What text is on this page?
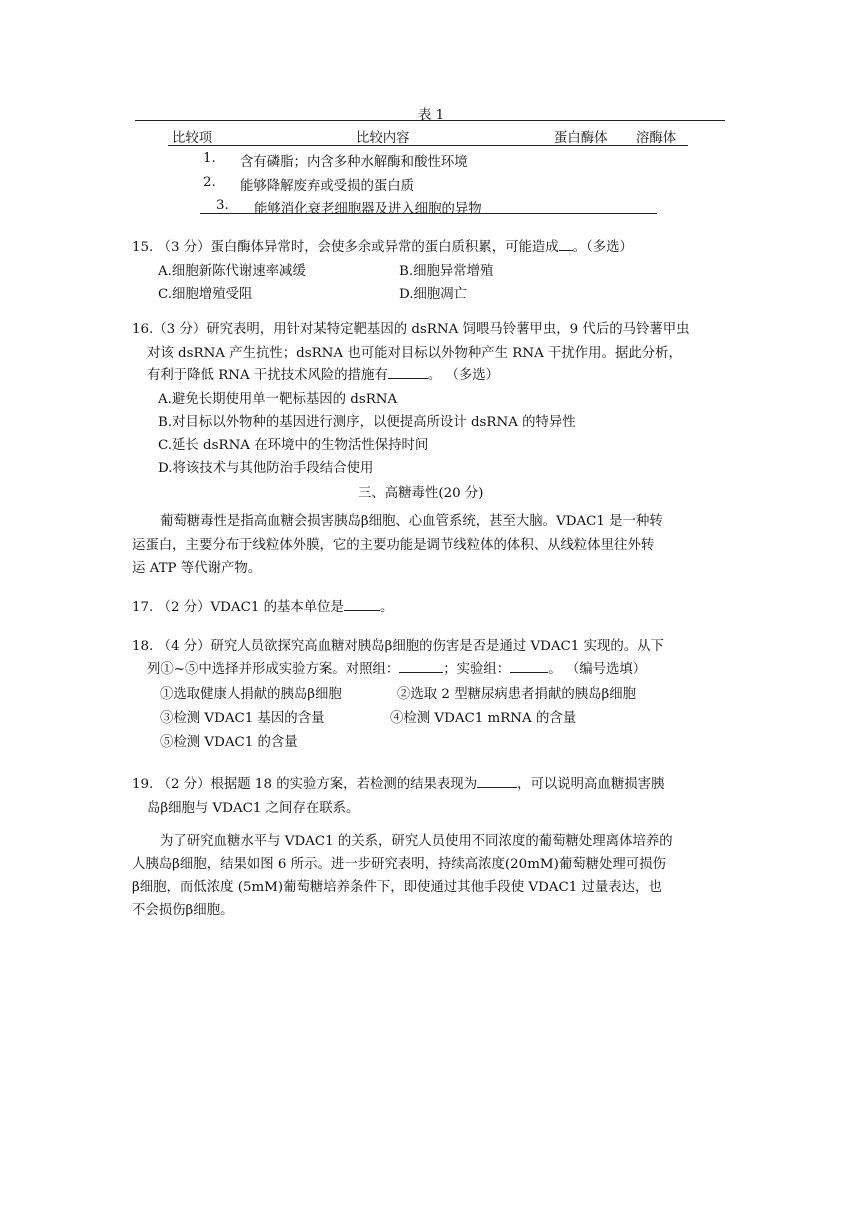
表 1
比较项	比较内容	蛋白酶体 溶酶体
1. 含有磷脂；内含多种水解酶和酸性环境
2. 能够降解废弃或受损的蛋白质
3. 能够消化衰老细胞器及进入细胞的异物
15. （3 分）蛋白酶体异常时，会使多余或异常的蛋白质积累，可能造成 。（多选）
A.细胞新陈代谢速率减缓	B.细胞异常增殖
C.细胞增殖受阻	D.细胞凋亡
16.（3 分）研究表明，用针对某特定靶基因的 dsRNA 饲喂马铃薯甲虫，9 代后的马铃薯甲虫
对该 dsRNA 产生抗性；dsRNA 也可能对目标以外物种产生 RNA 干扰作用。据此分析，
有利于降低 RNA 干扰技术风险的措施有	。 （多选）
A.避免长期使用单一靶标基因的 dsRNA
B.对目标以外物种的基因进行测序，以便提高所设计 dsRNA 的特异性
C.延长 dsRNA 在环境中的生物活性保持时间
D.将该技术与其他防治手段结合使用
三、高糖毒性(20 分)
葡萄糖毒性是指高血糖会损害胰岛β细胞、心血管系统，甚至大脑。VDAC1 是一种转
运蛋白，主要分布于线粒体外膜，它的主要功能是调节线粒体的体积、从线粒体里往外转
运 ATP 等代谢产物。
17. （2 分）VDAC1 的基本单位是	。
18. （4 分）研究人员欲探究高血糖对胰岛β细胞的伤害是否是通过 VDAC1 实现的。从下
列①~⑤中选择并形成实验方案。对照组：	；实验组：	。 （编号选填）
①选取健康人捐献的胰岛β细胞	②选取 2 型糖尿病患者捐献的胰岛β细胞
③检测 VDAC1 基因的含量	④检测 VDAC1 mRNA 的含量
⑤检测 VDAC1 的含量
19. （2 分）根据题 18 的实验方案，若检测的结果表现为	，可以说明高血糖损害胰
岛β细胞与 VDAC1 之间存在联系。
为了研究血糖水平与 VDAC1 的关系，研究人员使用不同浓度的葡萄糖处理离体培养的
人胰岛β细胞，结果如图 6 所示。进一步研究表明，持续高浓度(20mM)葡萄糖处理可损伤
β细胞，而低浓度 (5mM)葡萄糖培养条件下，即使通过其他手段使 VDAC1 过量表达，也
不会损伤β细胞。
